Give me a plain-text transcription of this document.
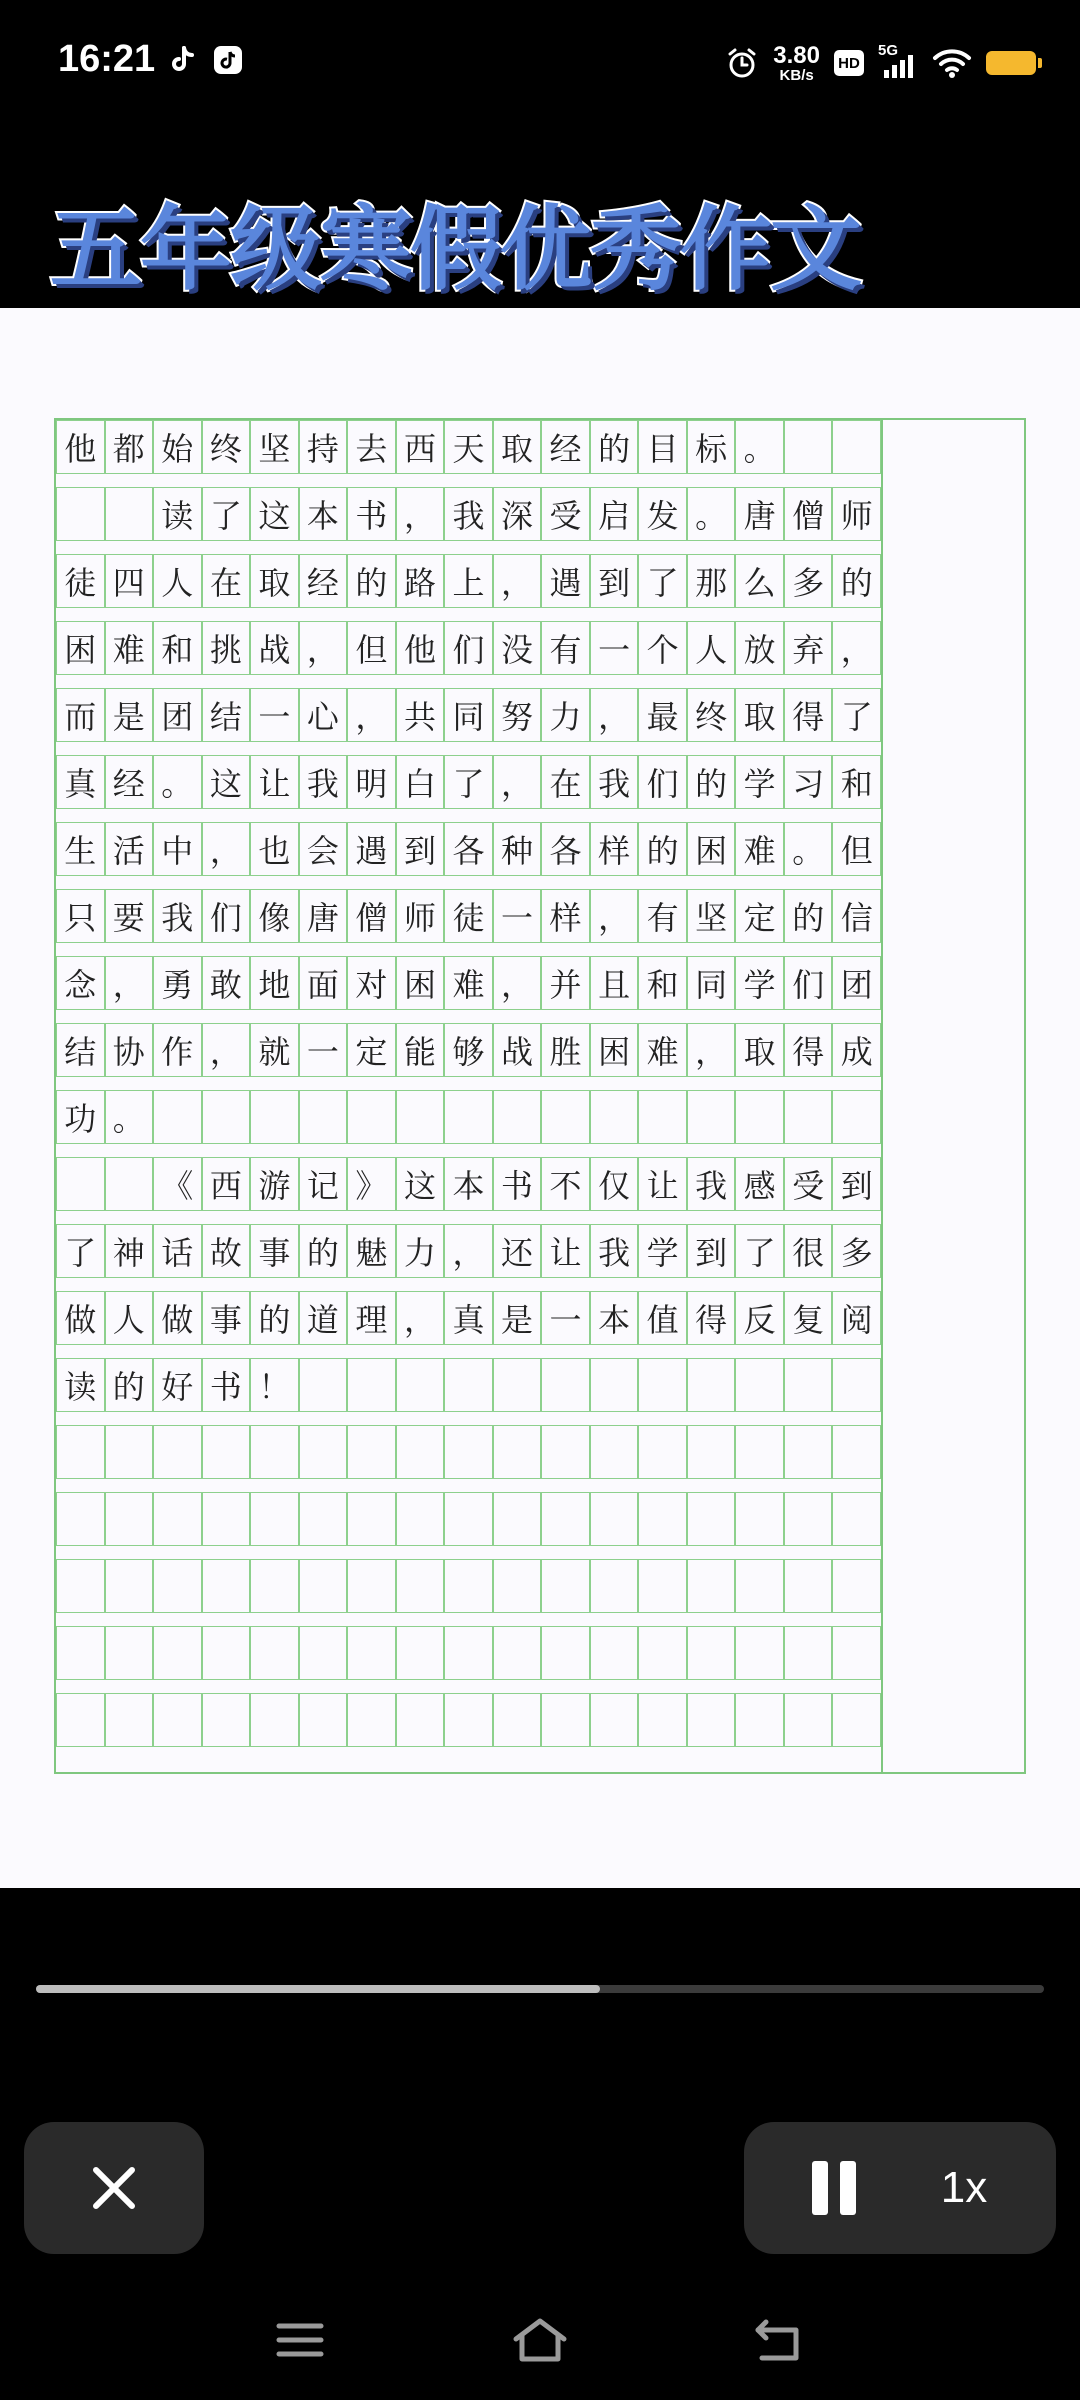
16:21	3.80
KB/s
HD
5G
五年级寒假优秀作文
他 都 始 终 坚 持 去 西 天 取 经 的 目 标 。
读 了 这 本 书 ， 我 深 受 启 发 。 唐 僧 师
徒 四 人 在 取 经 的 路 上 ， 遇 到 了 那 么 多 的
困 难 和 挑 战 ， 但 他 们 没 有 一 个 人 放 弃 ，
而 是 团 结 一 心 ， 共 同 努 力 ， 最 终 取 得 了
真 经 。 这 让 我 明 白 了 ， 在 我 们 的 学 习 和
生 活 中 ， 也 会 遇 到 各 种 各 样 的 困 难 。 但
只 要 我 们 像 唐 僧 师 徒 一 样 ， 有 坚 定 的 信
念 ， 勇 敢 地 面 对 困 难 ， 并 且 和 同 学 们 团
结 协 作 ， 就 一 定 能 够 战 胜 困 难 ， 取 得 成
功 。
《 西 游 记 》 这 本 书 不 仅 让 我 感 受 到
了 神 话 故 事 的 魅 力 ， 还 让 我 学 到 了 很 多
做 人 做 事 的 道 理 ， 真 是 一 本 值 得 反 复 阅
读 的 好 书 ！
1x
